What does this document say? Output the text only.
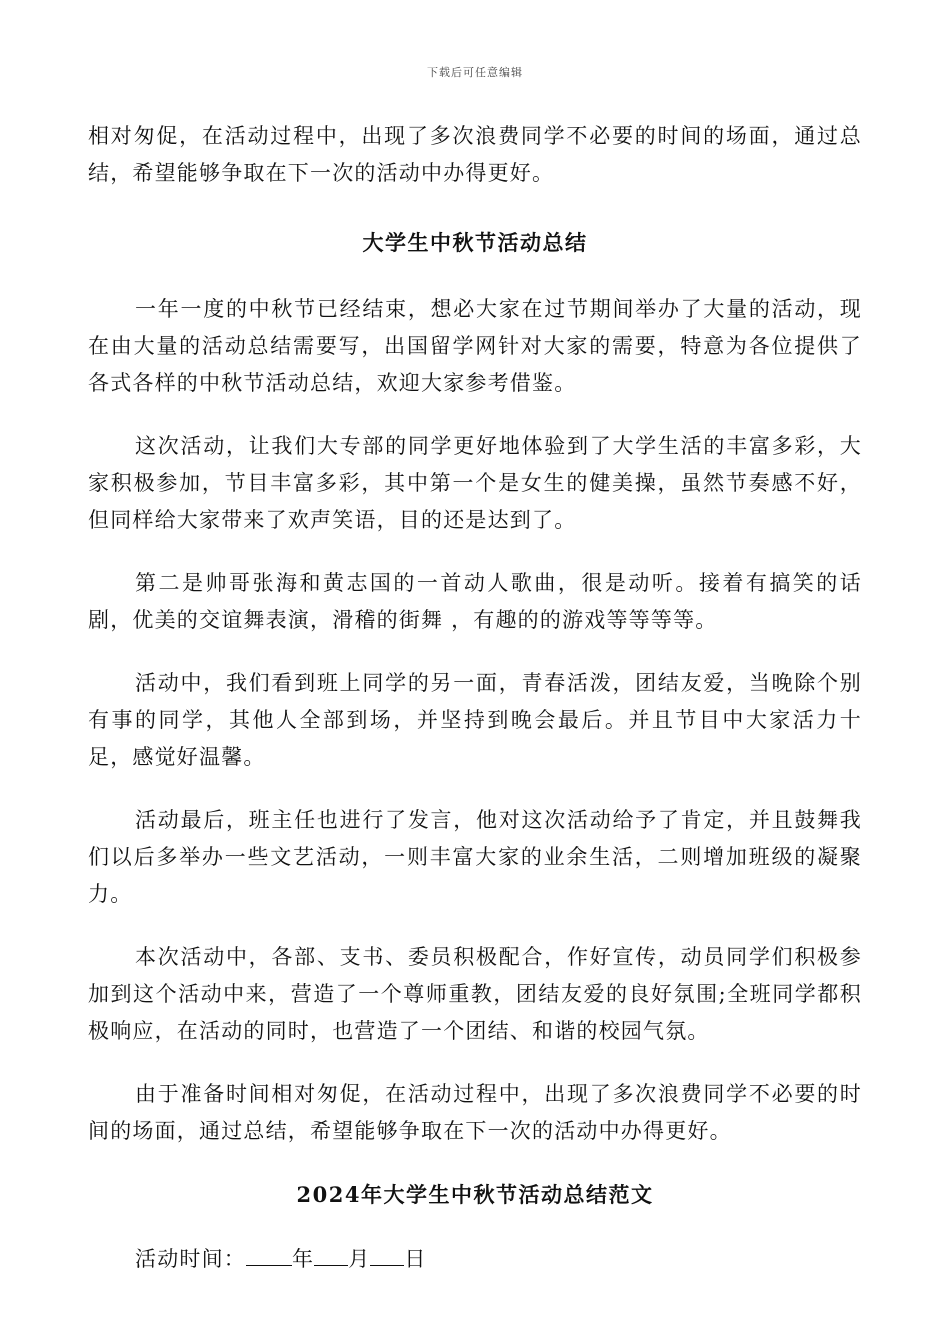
下载后可任意编辑

相对匆促，在活动过程中，出现了多次浪费同学不必要的时间的场面，通过总结，希望能够争取在下一次的活动中办得更好。

大学生中秋节活动总结

一年一度的中秋节已经结束，想必大家在过节期间举办了大量的活动，现在由大量的活动总结需要写，出国留学网针对大家的需要，特意为各位提供了各式各样的中秋节活动总结，欢迎大家参考借鉴。

这次活动，让我们大专部的同学更好地体验到了大学生活的丰富多彩，大家积极参加，节目丰富多彩，其中第一个是女生的健美操，虽然节奏感不好，但同样给大家带来了欢声笑语，目的还是达到了。

第二是帅哥张海和黄志国的一首动人歌曲，很是动听。接着有搞笑的话剧，优美的交谊舞表演，滑稽的街舞 ，有趣的的游戏等等等等。

活动中，我们看到班上同学的另一面，青春活泼，团结友爱，当晚除个别有事的同学，其他人全部到场，并坚持到晚会最后。并且节目中大家活力十足，感觉好温馨。

活动最后，班主任也进行了发言，他对这次活动给予了肯定，并且鼓舞我们以后多举办一些文艺活动，一则丰富大家的业余生活，二则增加班级的凝聚力。

本次活动中，各部、支书、委员积极配合，作好宣传，动员同学们积极参加到这个活动中来，营造了一个尊师重教，团结友爱的良好氛围;全班同学都积极响应，在活动的同时，也营造了一个团结、和谐的校园气氛。

由于准备时间相对匆促，在活动过程中，出现了多次浪费同学不必要的时间的场面，通过总结，希望能够争取在下一次的活动中办得更好。

2024年大学生中秋节活动总结范文

活动时间： 年 月 日
